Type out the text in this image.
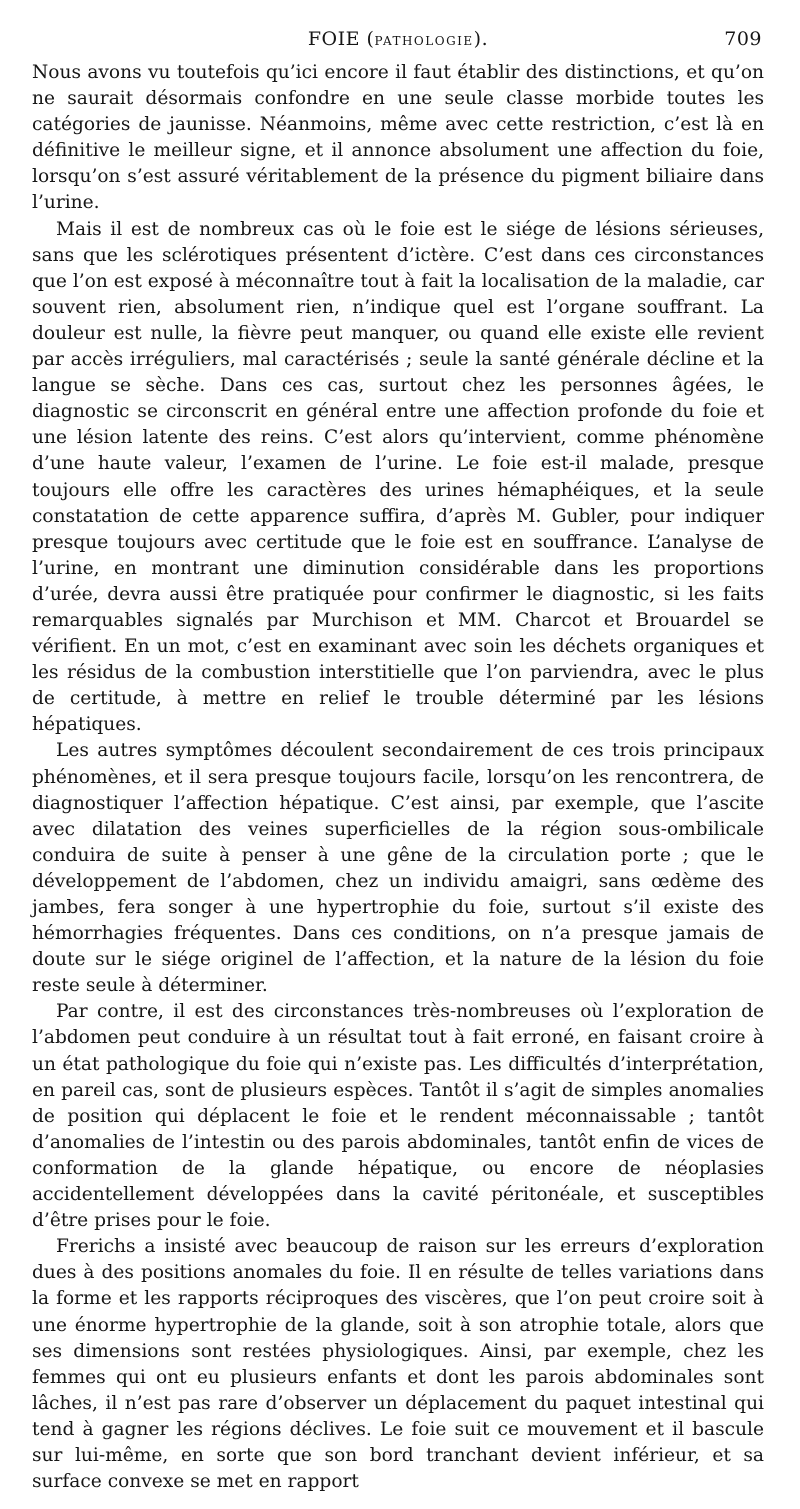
FOIE (PATHOLOGIE).	709

Nous avons vu toutefois qu’ici encore il faut établir des distinctions, et qu’on ne saurait désormais confondre en une seule classe morbide toutes les catégories de jaunisse. Néanmoins, même avec cette restriction, c’est là en définitive le meilleur signe, et il annonce absolument une affection du foie, lorsqu’on s’est assuré véritablement de la présence du pigment biliaire dans l’urine.

Mais il est de nombreux cas où le foie est le siége de lésions sérieuses, sans que les sclérotiques présentent d’ictère. C’est dans ces circonstances que l’on est exposé à méconnaître tout à fait la localisation de la maladie, car souvent rien, absolument rien, n’indique quel est l’organe souffrant. La douleur est nulle, la fièvre peut manquer, ou quand elle existe elle revient par accès irréguliers, mal caractérisés ; seule la santé générale décline et la langue se sèche. Dans ces cas, surtout chez les personnes âgées, le diagnostic se circonscrit en général entre une affection profonde du foie et une lésion latente des reins. C’est alors qu’intervient, comme phénomène d’une haute valeur, l’examen de l’urine. Le foie est-il malade, presque toujours elle offre les caractères des urines hémaphéiques, et la seule constatation de cette apparence suffira, d’après M. Gubler, pour indiquer presque toujours avec certitude que le foie est en souffrance. L’analyse de l’urine, en montrant une diminution considérable dans les proportions d’urée, devra aussi être pratiquée pour confirmer le diagnostic, si les faits remarquables signalés par Murchison et MM. Charcot et Brouardel se vérifient. En un mot, c’est en examinant avec soin les déchets organiques et les résidus de la combustion interstitielle que l’on parviendra, avec le plus de certitude, à mettre en relief le trouble déterminé par les lésions hépatiques.

Les autres symptômes découlent secondairement de ces trois principaux phénomènes, et il sera presque toujours facile, lorsqu’on les rencontrera, de diagnostiquer l’affection hépatique. C’est ainsi, par exemple, que l’ascite avec dilatation des veines superficielles de la région sous-ombilicale conduira de suite à penser à une gêne de la circulation porte ; que le développement de l’abdomen, chez un individu amaigri, sans œdème des jambes, fera songer à une hypertrophie du foie, surtout s’il existe des hémorrhagies fréquentes. Dans ces conditions, on n’a presque jamais de doute sur le siége originel de l’affection, et la nature de la lésion du foie reste seule à déterminer.

Par contre, il est des circonstances très-nombreuses où l’exploration de l’abdomen peut conduire à un résultat tout à fait erroné, en faisant croire à un état pathologique du foie qui n’existe pas. Les difficultés d’interprétation, en pareil cas, sont de plusieurs espèces. Tantôt il s’agit de simples anomalies de position qui déplacent le foie et le rendent méconnaissable ; tantôt d’anomalies de l’intestin ou des parois abdominales, tantôt enfin de vices de conformation de la glande hépatique, ou encore de néoplasies accidentellement développées dans la cavité péritonéale, et susceptibles d’être prises pour le foie.

Frerichs a insisté avec beaucoup de raison sur les erreurs d’exploration dues à des positions anomales du foie. Il en résulte de telles variations dans la forme et les rapports réciproques des viscères, que l’on peut croire soit à une énorme hypertrophie de la glande, soit à son atrophie totale, alors que ses dimensions sont restées physiologiques. Ainsi, par exemple, chez les femmes qui ont eu plusieurs enfants et dont les parois abdominales sont lâches, il n’est pas rare d’observer un déplacement du paquet intestinal qui tend à gagner les régions déclives. Le foie suit ce mouvement et il bascule sur lui-même, en sorte que son bord tranchant devient inférieur, et sa surface convexe se met en rapport
